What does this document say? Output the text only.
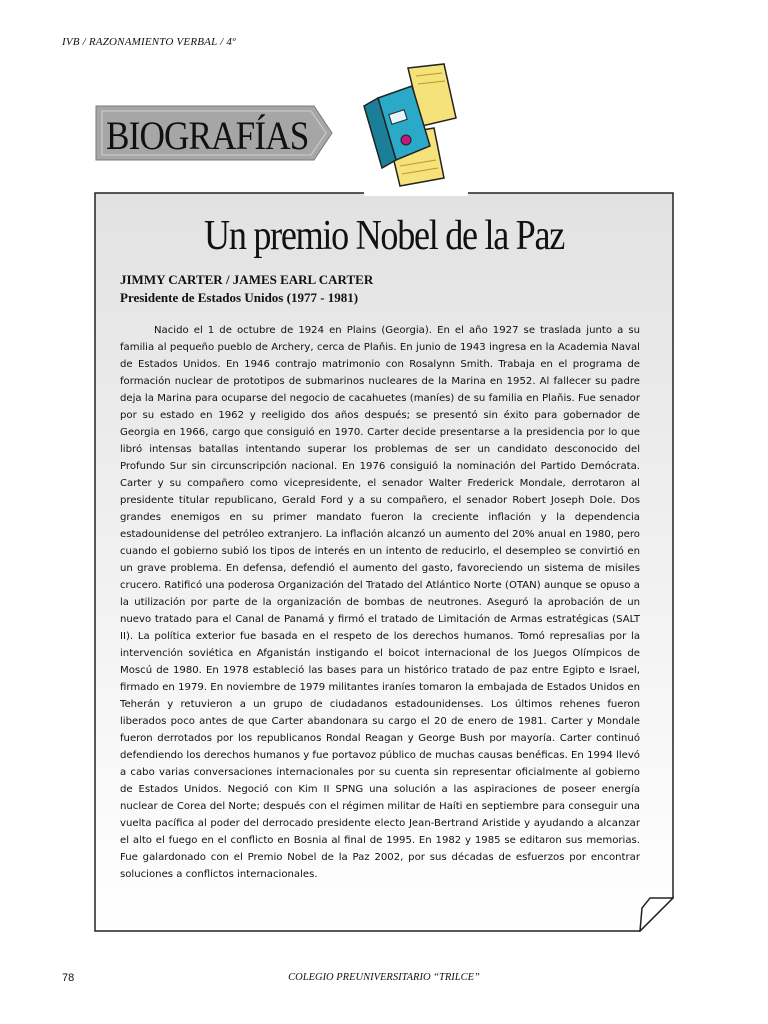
IVB / RAZONAMIENTO VERBAL / 4º
BIOGRAFÍAS
Un premio Nobel de la Paz
JIMMY CARTER / JAMES EARL CARTER
Presidente de Estados Unidos (1977 - 1981)
Nacido el 1 de octubre de 1924 en Plains (Georgia). En el año 1927 se traslada junto a su familia al pequeño pueblo de Archery, cerca de Plaňis. En junio de 1943 ingresa en la Academia Naval de Estados Unidos. En 1946 contrajo matrimonio con Rosalynn Smith. Trabaja en el programa de formación nuclear de prototipos de submarinos nucleares de la Marina en 1952. Al fallecer su padre deja la Marina para ocuparse del negocio de cacahuetes (maníes) de su familia en Plaňis. Fue senador por su estado en 1962 y reeligido dos años después; se presentó sin éxito para gobernador de Georgia en 1966, cargo que consiguió en 1970. Carter decide presentarse a la presidencia por lo que libró intensas batallas intentando superar los problemas de ser un candidato desconocido del Profundo Sur sin circunscripción nacional. En 1976 consiguió la nominación del Partido Demócrata. Carter y su compañero como vicepresidente, el senador Walter Frederick Mondale, derrotaron al presidente titular republicano, Gerald Ford y a su compañero, el senador Robert Joseph Dole. Dos grandes enemigos en su primer mandato fueron la creciente inflación y la dependencia estadounidense del petróleo extranjero. La inflación alcanzó un aumento del 20% anual en 1980, pero cuando el gobierno subió los tipos de interés en un intento de reducirlo, el desempleo se convirtió en un grave problema. En defensa, defendió el aumento del gasto, favoreciendo un sistema de misiles crucero. Ratificó una poderosa Organización del Tratado del Atlántico Norte (OTAN) aunque se opuso a la utilización por parte de la organización de bombas de neutrones. Aseguró la aprobación de un nuevo tratado para el Canal de Panamá y firmó el tratado de Limitación de Armas estratégicas (SALT II). La política exterior fue basada en el respeto de los derechos humanos. Tomó represalias por la intervención soviética en Afganistán instigando el boicot internacional de los Juegos Olímpicos de Moscú de 1980. En 1978 estableció las bases para un histórico tratado de paz entre Egipto e Israel, firmado en 1979. En noviembre de 1979 militantes iraníes tomaron la embajada de Estados Unidos en Teherán y retuvieron a un grupo de ciudadanos estadounidenses. Los últimos rehenes fueron liberados poco antes de que Carter abandonara su cargo el 20 de enero de 1981. Carter y Mondale fueron derrotados por los republicanos Rondal Reagan y George Bush por mayoría. Carter continuó defendiendo los derechos humanos y fue portavoz público de muchas causas benéficas. En 1994 llevó a cabo varias conversaciones internacionales por su cuenta sin representar oficialmente al gobierno de Estados Unidos. Negoció con Kim II SPNG una solución a las aspiraciones de poseer energía nuclear de Corea del Norte; después con el régimen militar de Haíti en septiembre para conseguir una vuelta pacífica al poder del derrocado presidente electo Jean-Bertrand Aristide y ayudando a alcanzar el alto el fuego en el conflicto en Bosnia al final de 1995. En 1982 y 1985 se editaron sus memorias. Fue galardonado con el Premio Nobel de la Paz 2002, por sus décadas de esfuerzos por encontrar soluciones a conflictos internacionales.
78	COLEGIO PREUNIVERSITARIO “TRILCE”
